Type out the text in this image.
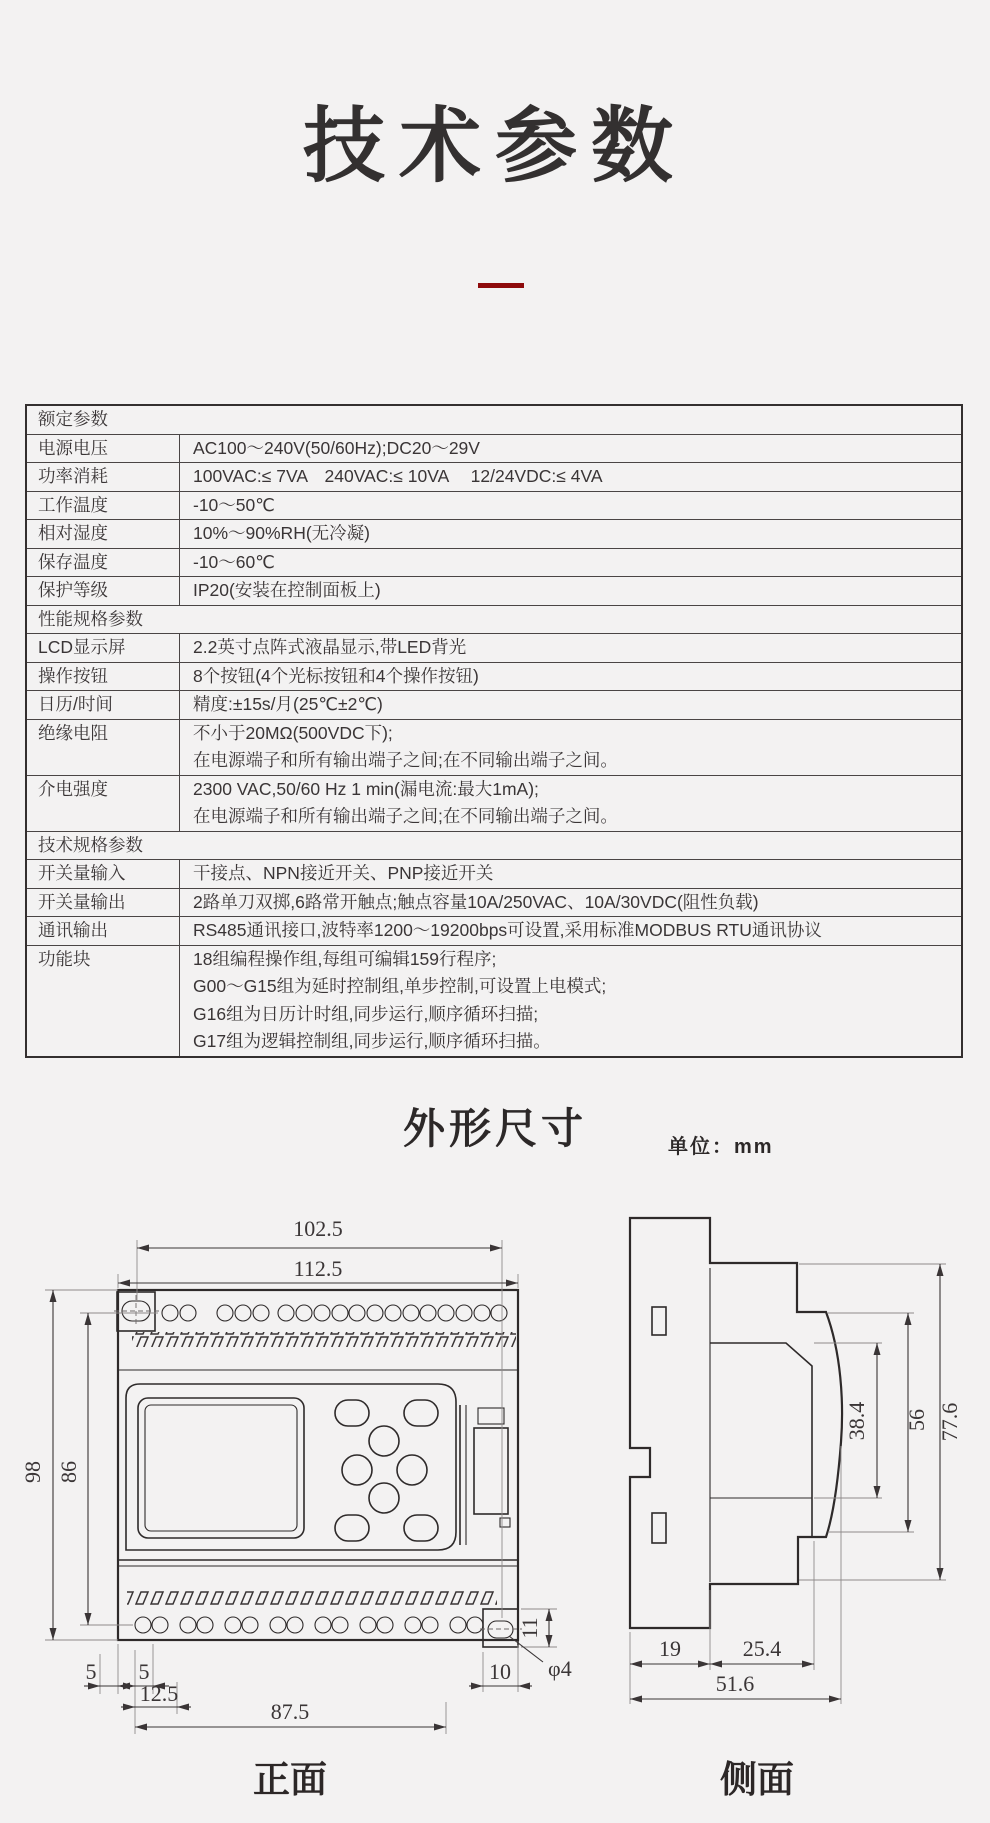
技术参数
额定参数
电源电压	AC100～240V(50/60Hz);DC20～29V
功率消耗	100VAC:≤ 7VA　240VAC:≤ 10VA　 12/24VDC:≤ 4VA
工作温度	-10～50℃
相对湿度	10%～90%RH(无冷凝)
保存温度	-10～60℃
保护等级	IP20(安装在控制面板上)
性能规格参数
LCD显示屏	2.2英寸点阵式液晶显示,带LED背光
操作按钮	8个按钮(4个光标按钮和4个操作按钮)
日历/时间	精度:±15s/月(25℃±2℃)
绝缘电阻	不小于20MΩ(500VDC下);
在电源端子和所有输出端子之间;在不同输出端子之间。
介电强度	2300 VAC,50/60 Hz 1 min(漏电流:最大1mA);
在电源端子和所有输出端子之间;在不同输出端子之间。
技术规格参数
开关量输入	干接点、NPN接近开关、PNP接近开关
开关量输出	2路单刀双掷,6路常开触点;触点容量10A/250VAC、10A/30VDC(阻性负载)
通讯输出	RS485通讯接口,波特率1200～19200bps可设置,采用标准MODBUS RTU通讯协议
功能块	18组编程操作组,每组可编辑159行程序;
G00～G15组为延时控制组,单步控制,可设置上电模式;
G16组为日历计时组,同步运行,顺序循环扫描;
G17组为逻辑控制组,同步运行,顺序循环扫描。
外形尺寸	单位：mm
102.5
112.5
98 86
5 5
12.5
87.5
10
11
φ4
正面
19	25.4
51.6
38.4 56 77.6
侧面
